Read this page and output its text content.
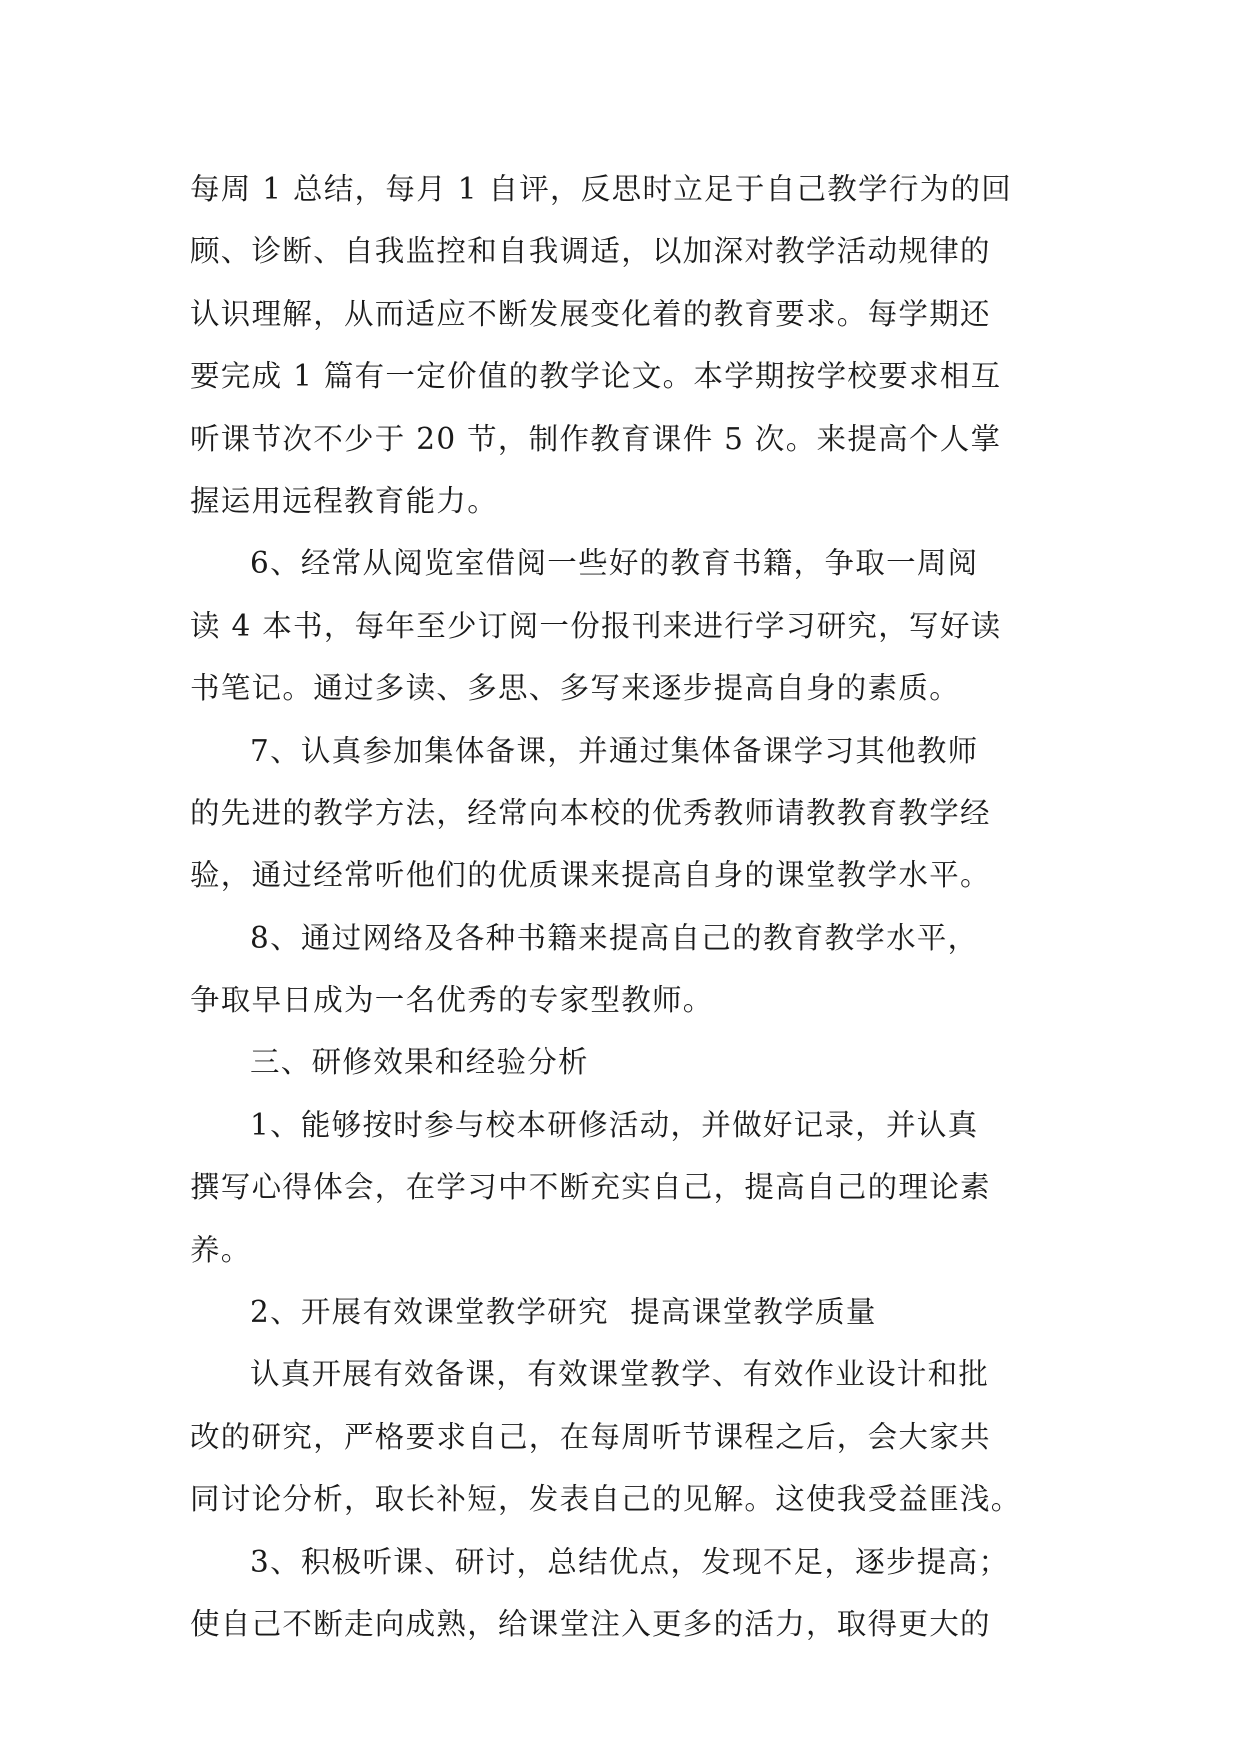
每周 1 总结，每月 1 自评，反思时立足于自己教学行为的回
顾、诊断、自我监控和自我调适，以加深对教学活动规律的
认识理解，从而适应不断发展变化着的教育要求。每学期还
要完成 1 篇有一定价值的教学论文。本学期按学校要求相互
听课节次不少于 20 节，制作教育课件 5 次。来提高个人掌
握运用远程教育能力。
6、经常从阅览室借阅一些好的教育书籍，争取一周阅
读 4 本书，每年至少订阅一份报刊来进行学习研究，写好读
书笔记。通过多读、多思、多写来逐步提高自身的素质。
7、认真参加集体备课，并通过集体备课学习其他教师
的先进的教学方法，经常向本校的优秀教师请教教育教学经
验，通过经常听他们的优质课来提高自身的课堂教学水平。
8、通过网络及各种书籍来提高自己的教育教学水平，
争取早日成为一名优秀的专家型教师。
三、研修效果和经验分析
1、能够按时参与校本研修活动，并做好记录，并认真
撰写心得体会，在学习中不断充实自己，提高自己的理论素
养。
2、开展有效课堂教学研究  提高课堂教学质量
认真开展有效备课，有效课堂教学、有效作业设计和批
改的研究，严格要求自己，在每周听节课程之后，会大家共
同讨论分析，取长补短，发表自己的见解。这使我受益匪浅。
3、积极听课、研讨，总结优点，发现不足，逐步提高；
使自己不断走向成熟，给课堂注入更多的活力，取得更大的
